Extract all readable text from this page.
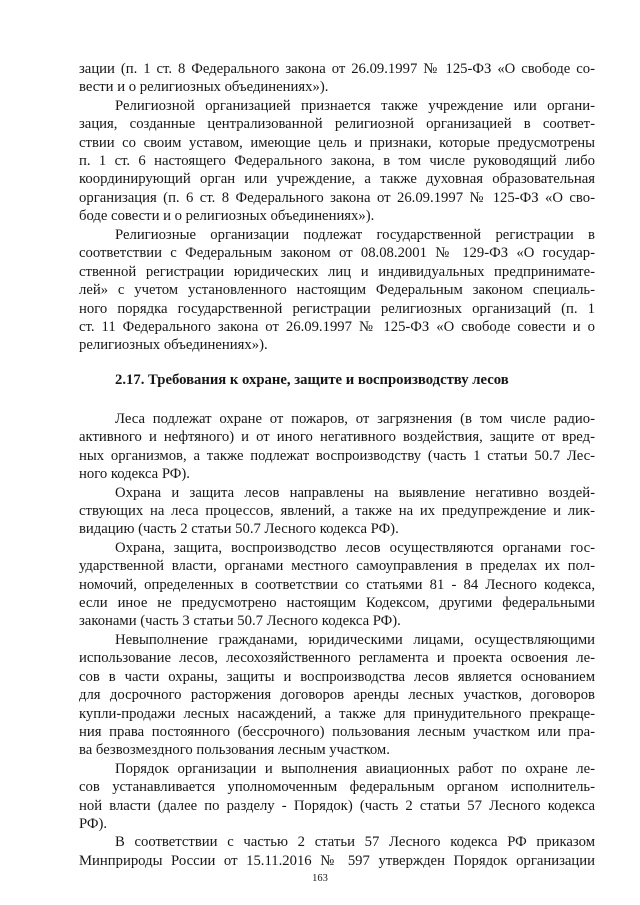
зации (п. 1 ст. 8 Федерального закона от 26.09.1997 № 125-ФЗ «О свободе со-
вести и о религиозных объединениях»).
Религиозной организацией признается также учреждение или органи-
зация, созданные централизованной религиозной организацией в соответ-
ствии со своим уставом, имеющие цель и признаки, которые предусмотрены
п. 1 ст. 6 настоящего Федерального закона, в том числе руководящий либо
координирующий орган или учреждение, а также духовная образовательная
организация (п. 6 ст. 8 Федерального закона от 26.09.1997 № 125-ФЗ «О сво-
боде совести и о религиозных объединениях»).
Религиозные организации подлежат государственной регистрации в
соответствии с Федеральным законом от 08.08.2001 № 129-ФЗ «О государ-
ственной регистрации юридических лиц и индивидуальных предпринимате-
лей» с учетом установленного настоящим Федеральным законом специаль-
ного порядка государственной регистрации религиозных организаций (п. 1
ст. 11 Федерального закона от 26.09.1997 № 125-ФЗ «О свободе совести и о
религиозных объединениях»).
2.17. Требования к охране, защите и воспроизводству лесов
Леса подлежат охране от пожаров, от загрязнения (в том числе радио-
активного и нефтяного) и от иного негативного воздействия, защите от вред-
ных организмов, а также подлежат воспроизводству (часть 1 статьи 50.7 Лес-
ного кодекса РФ).
Охрана и защита лесов направлены на выявление негативно воздей-
ствующих на леса процессов, явлений, а также на их предупреждение и лик-
видацию (часть 2 статьи 50.7 Лесного кодекса РФ).
Охрана, защита, воспроизводство лесов осуществляются органами гос-
ударственной власти, органами местного самоуправления в пределах их пол-
номочий, определенных в соответствии со статьями 81 - 84 Лесного кодекса,
если иное не предусмотрено настоящим Кодексом, другими федеральными
законами (часть 3 статьи 50.7 Лесного кодекса РФ).
Невыполнение гражданами, юридическими лицами, осуществляющими
использование лесов, лесохозяйственного регламента и проекта освоения ле-
сов в части охраны, защиты и воспроизводства лесов является основанием
для досрочного расторжения договоров аренды лесных участков, договоров
купли-продажи лесных насаждений, а также для принудительного прекраще-
ния права постоянного (бессрочного) пользования лесным участком или пра-
ва безвозмездного пользования лесным участком.
Порядок организации и выполнения авиационных работ по охране ле-
сов устанавливается уполномоченным федеральным органом исполнитель-
ной власти (далее по разделу - Порядок) (часть 2 статьи 57 Лесного кодекса
РФ).
В соответствии с частью 2 статьи 57 Лесного кодекса РФ приказом
Минприроды России от 15.11.2016 № 597 утвержден Порядок организации
163
